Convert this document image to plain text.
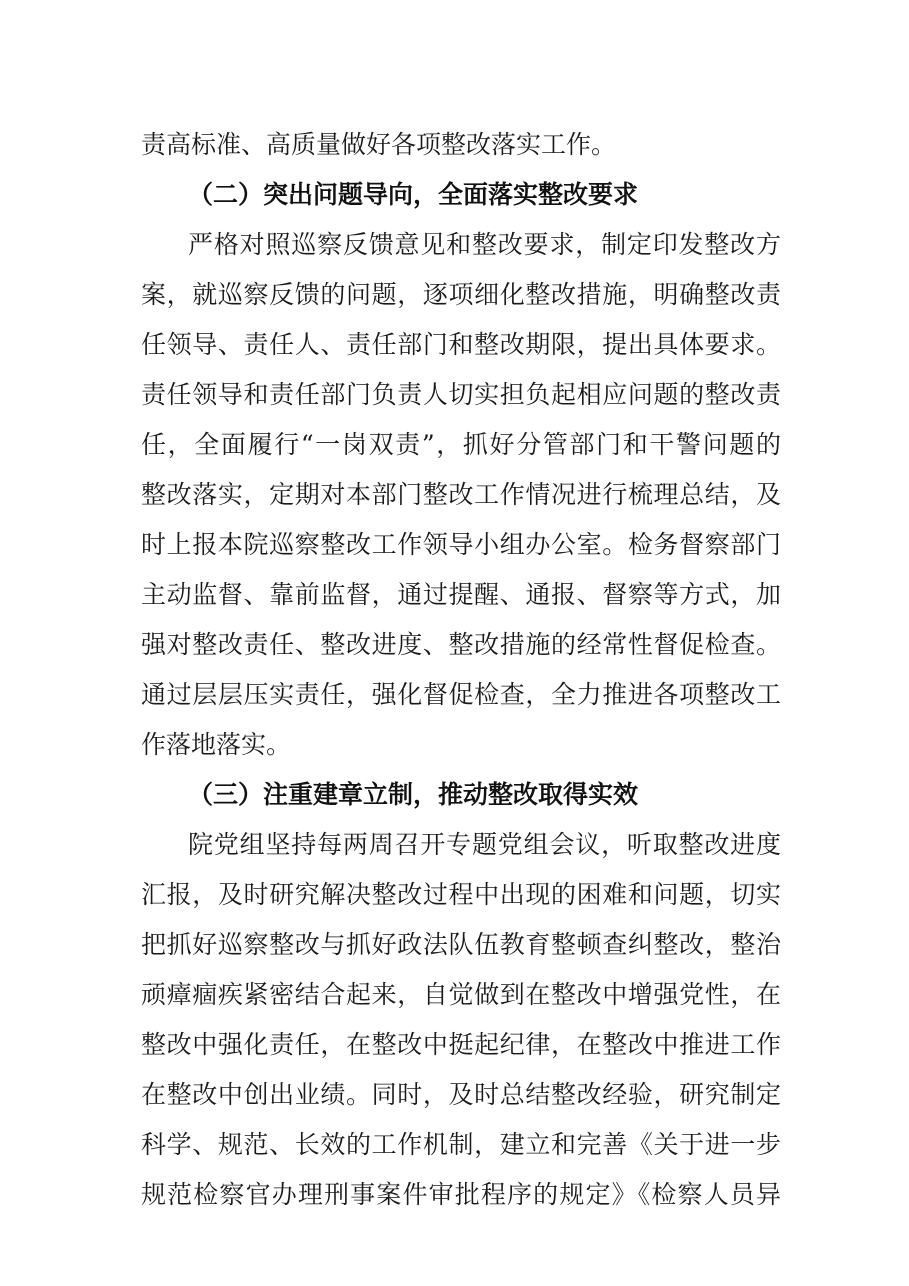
责高标准、高质量做好各项整改落实工作。
（二）突出问题导向，全面落实整改要求
严格对照巡察反馈意见和整改要求，制定印发整改方
案，就巡察反馈的问题，逐项细化整改措施，明确整改责
任领导、责任人、责任部门和整改期限，提出具体要求。
责任领导和责任部门负责人切实担负起相应问题的整改责
任，全面履行“一岗双责”，抓好分管部门和干警问题的
整改落实，定期对本部门整改工作情况进行梳理总结，及
时上报本院巡察整改工作领导小组办公室。检务督察部门
主动监督、靠前监督，通过提醒、通报、督察等方式，加
强对整改责任、整改进度、整改措施的经常性督促检查。
通过层层压实责任，强化督促检查，全力推进各项整改工
作落地落实。
（三）注重建章立制，推动整改取得实效
院党组坚持每两周召开专题党组会议，听取整改进度
汇报，及时研究解决整改过程中出现的困难和问题，切实
把抓好巡察整改与抓好政法队伍教育整顿查纠整改，整治
顽瘴痼疾紧密结合起来，自觉做到在整改中增强党性，在
整改中强化责任，在整改中挺起纪律，在整改中推进工作
在整改中创出业绩。同时，及时总结整改经验，研究制定
科学、规范、长效的工作机制，建立和完善《关于进一步
规范检察官办理刑事案件审批程序的规定》《检察人员异
